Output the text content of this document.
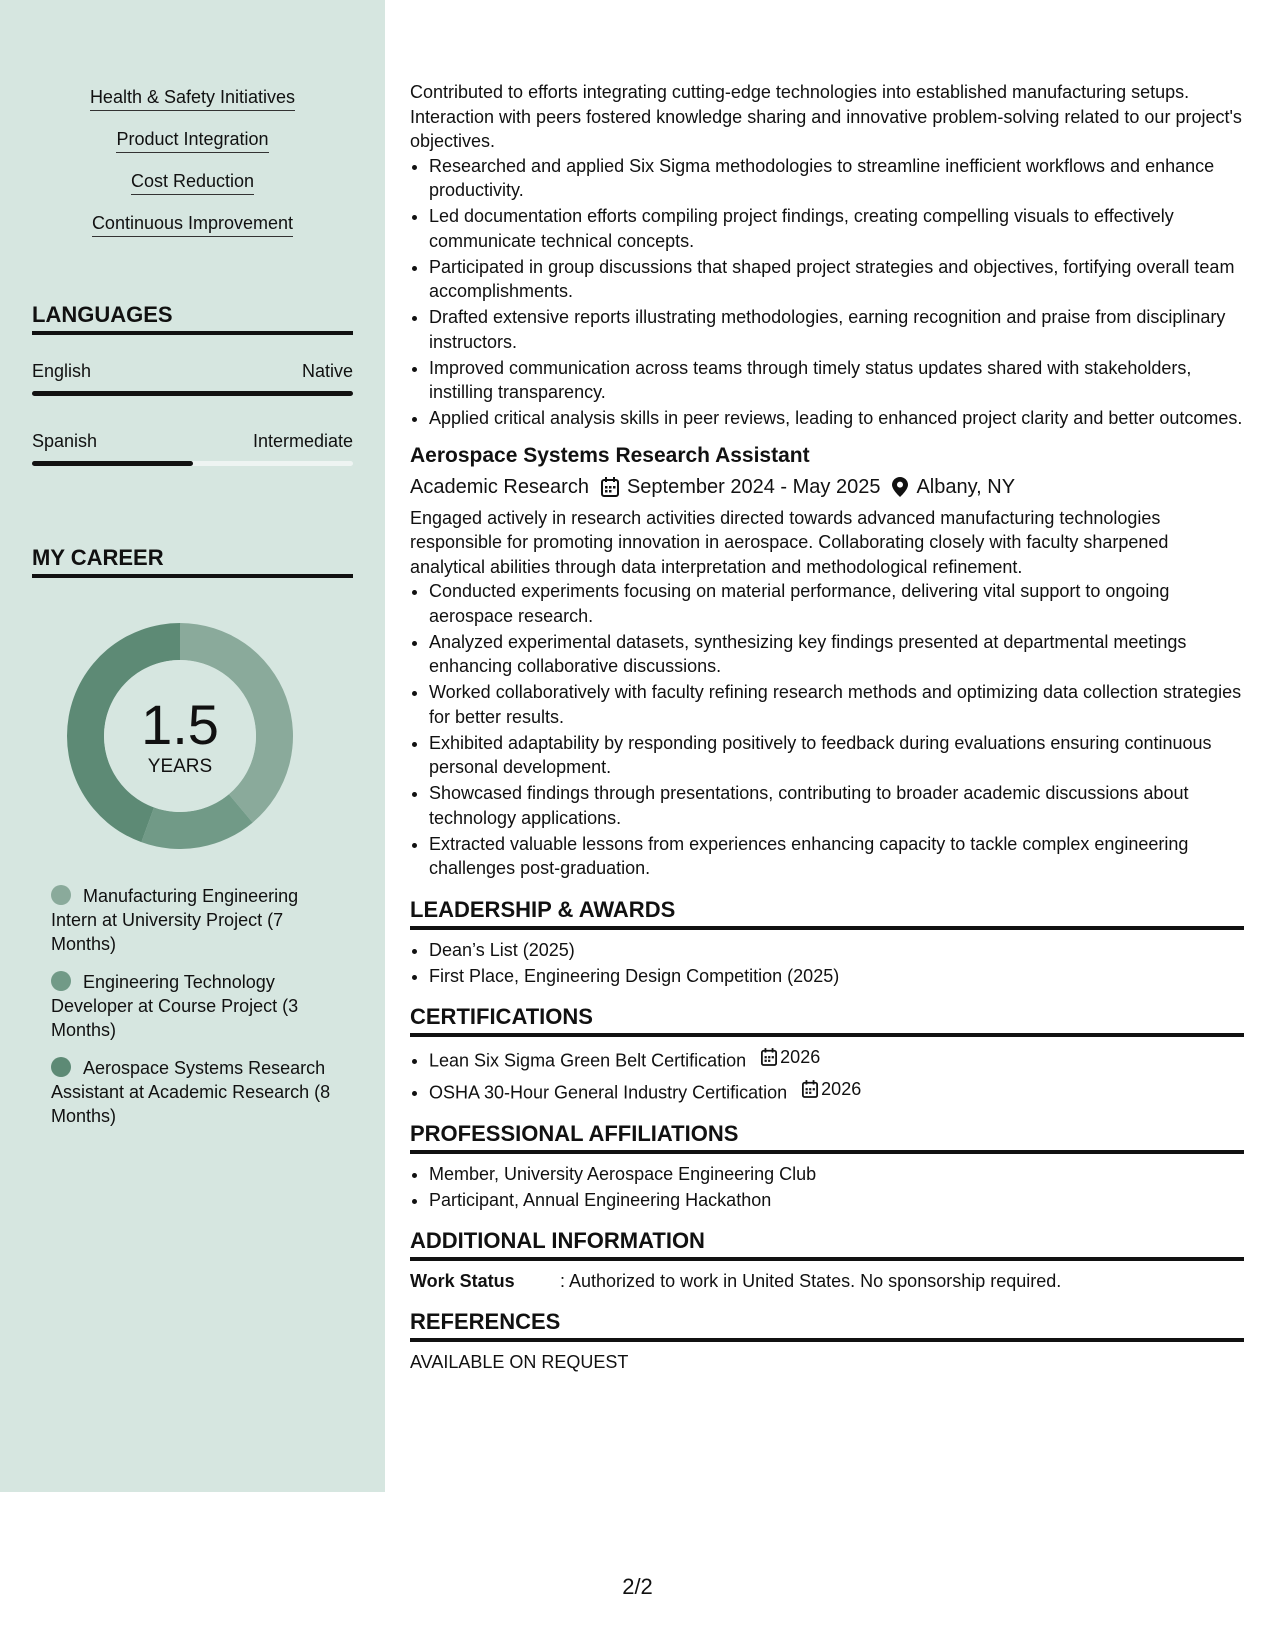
Health & Safety Initiatives
Product Integration
Cost Reduction
Continuous Improvement
LANGUAGES
English	Native
Spanish	Intermediate
MY CAREER
1.5
YEARS
Manufacturing Engineering Intern at University Project (7 Months)
Engineering Technology Developer at Course Project (3 Months)
Aerospace Systems Research Assistant at Academic Research (8 Months)

Contributed to efforts integrating cutting-edge technologies into established manufacturing setups. Interaction with peers fostered knowledge sharing and innovative problem-solving related to our project's objectives.

• Researched and applied Six Sigma methodologies to streamline inefficient workflows and enhance productivity.
• Led documentation efforts compiling project findings, creating compelling visuals to effectively communicate technical concepts.
• Participated in group discussions that shaped project strategies and objectives, fortifying overall team accomplishments.
• Drafted extensive reports illustrating methodologies, earning recognition and praise from disciplinary instructors.
• Improved communication across teams through timely status updates shared with stakeholders, instilling transparency.
• Applied critical analysis skills in peer reviews, leading to enhanced project clarity and better outcomes.
Aerospace Systems Research Assistant
Academic Research September 2024 - May 2025 Albany, NY

Engaged actively in research activities directed towards advanced manufacturing technologies responsible for promoting innovation in aerospace. Collaborating closely with faculty sharpened analytical abilities through data interpretation and methodological refinement.

• Conducted experiments focusing on material performance, delivering vital support to ongoing aerospace research.
• Analyzed experimental datasets, synthesizing key findings presented at departmental meetings enhancing collaborative discussions.
• Worked collaboratively with faculty refining research methods and optimizing data collection strategies for better results.
• Exhibited adaptability by responding positively to feedback during evaluations ensuring continuous personal development.
• Showcased findings through presentations, contributing to broader academic discussions about technology applications.
• Extracted valuable lessons from experiences enhancing capacity to tackle complex engineering challenges post-graduation.
LEADERSHIP & AWARDS
• Dean’s List (2025)
• First Place, Engineering Design Competition (2025)
CERTIFICATIONS
• Lean Six Sigma Green Belt Certification 2026
• OSHA 30-Hour General Industry Certification 2026
PROFESSIONAL AFFILIATIONS
• Member, University Aerospace Engineering Club
• Participant, Annual Engineering Hackathon
ADDITIONAL INFORMATION
Work Status	: Authorized to work in United States. No sponsorship required.
REFERENCES
AVAILABLE ON REQUEST
2/2
